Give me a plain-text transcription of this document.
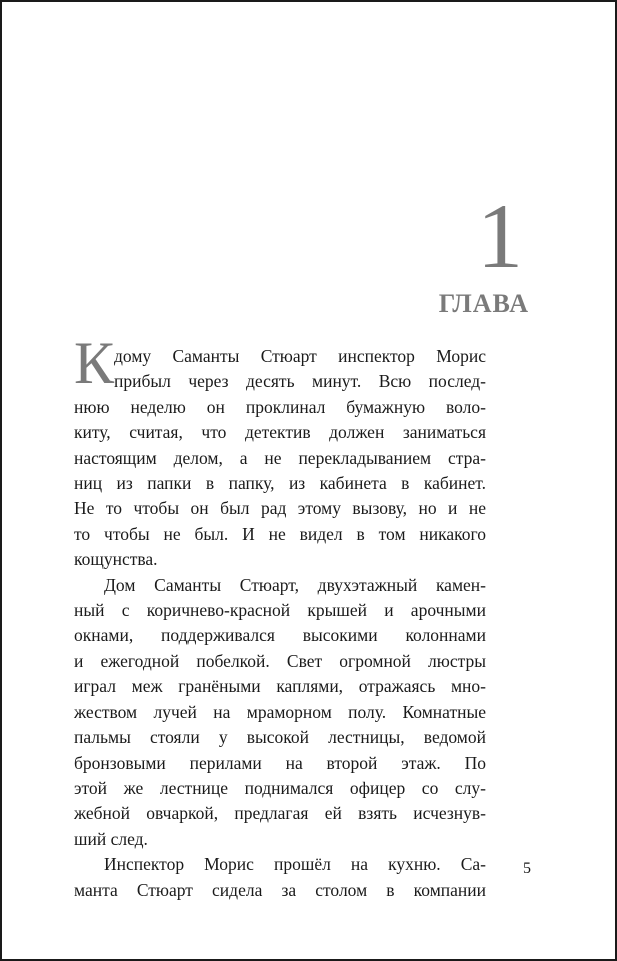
1
ГЛАВА
К дому Саманты Стюарт инспектор Морис
прибыл через десять минут. Всю послед-
нюю неделю он проклинал бумажную воло-
киту, считая, что детектив должен заниматься
настоящим делом, а не перекладыванием стра-
ниц из папки в папку, из кабинета в кабинет.
Не то чтобы он был рад этому вызову, но и не
то чтобы не был. И не видел в том никакого
кощунства.
Дом Саманты Стюарт, двухэтажный камен-
ный с коричнево-красной крышей и арочными
окнами, поддерживался высокими колоннами
и ежегодной побелкой. Свет огромной люстры
играл меж гранёными каплями, отражаясь мно-
жеством лучей на мраморном полу. Комнатные
пальмы стояли у высокой лестницы, ведомой
бронзовыми перилами на второй этаж. По
этой же лестнице поднимался офицер со слу-
жебной овчаркой, предлагая ей взять исчезнув-
ший след.
Инспектор Морис прошёл на кухню. Са-
манта Стюарт сидела за столом в компании
5
